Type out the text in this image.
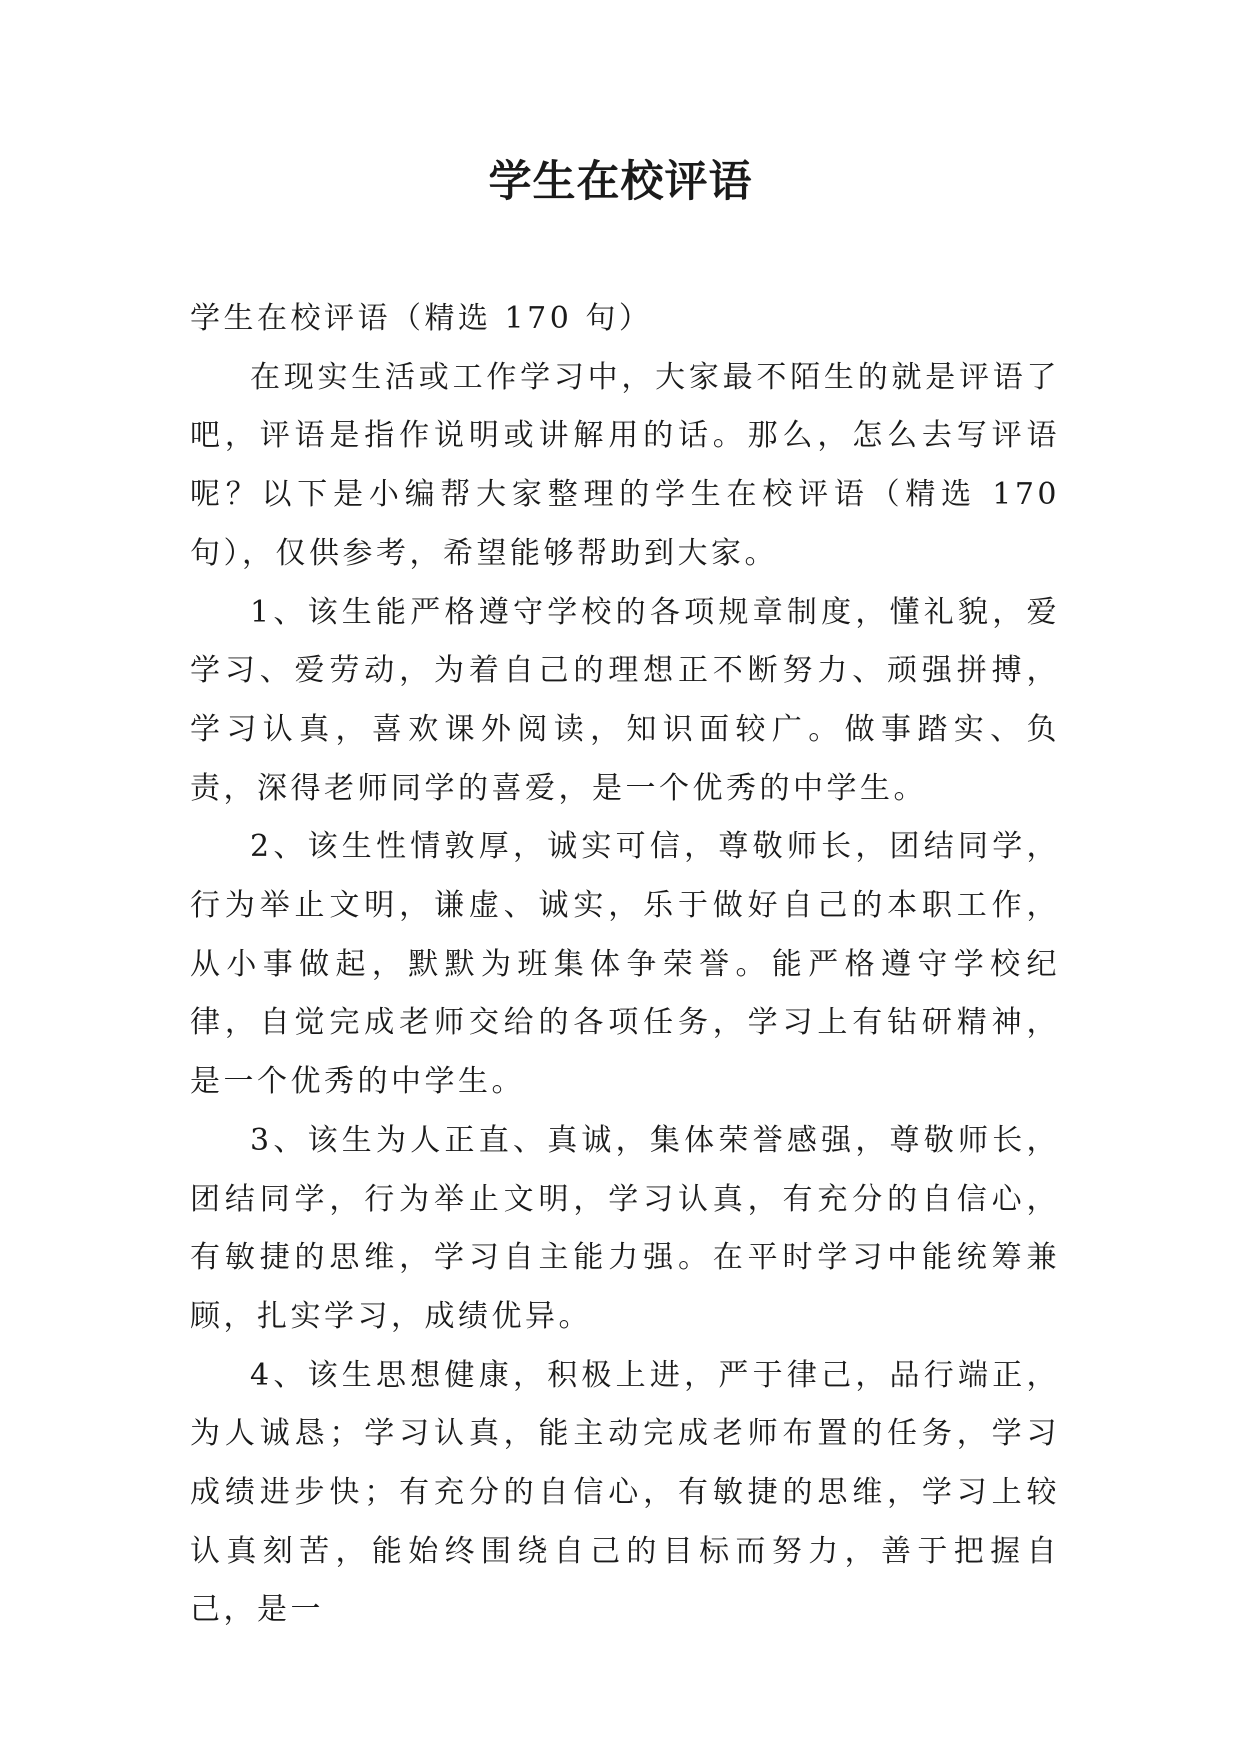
学生在校评语

学生在校评语（精选 170 句）

在现实生活或工作学习中，大家最不陌生的就是评语了吧，评语是指作说明或讲解用的话。那么，怎么去写评语呢？以下是小编帮大家整理的学生在校评语（精选 170 句），仅供参考，希望能够帮助到大家。

1、该生能严格遵守学校的各项规章制度，懂礼貌，爱学习、爱劳动，为着自己的理想正不断努力、顽强拼搏，学习认真，喜欢课外阅读，知识面较广。做事踏实、负责，深得老师同学的喜爱，是一个优秀的中学生。

2、该生性情敦厚，诚实可信，尊敬师长，团结同学，行为举止文明，谦虚、诚实，乐于做好自己的本职工作，从小事做起，默默为班集体争荣誉。能严格遵守学校纪律，自觉完成老师交给的各项任务，学习上有钻研精神，是一个优秀的中学生。

3、该生为人正直、真诚，集体荣誉感强，尊敬师长，团结同学，行为举止文明，学习认真，有充分的自信心，有敏捷的思维，学习自主能力强。在平时学习中能统筹兼顾，扎实学习，成绩优异。

4、该生思想健康，积极上进，严于律己，品行端正，为人诚恳；学习认真，能主动完成老师布置的任务，学习成绩进步快；有充分的自信心，有敏捷的思维，学习上较认真刻苦，能始终围绕自己的目标而努力，善于把握自己，是一
